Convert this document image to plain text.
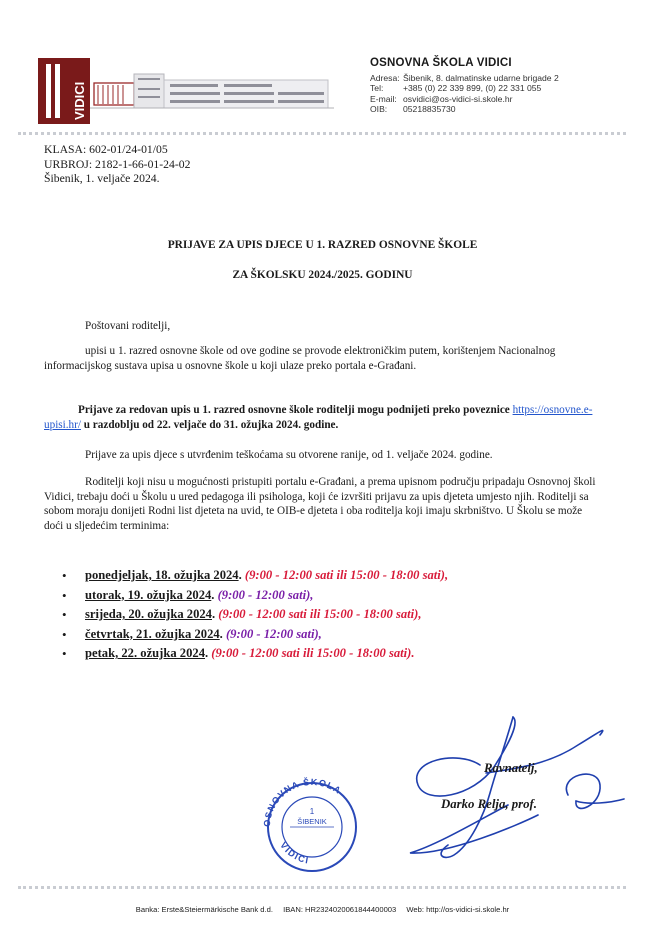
VIDICI
OSNOVNA ŠKOLA VIDICI
Adresa: Šibenik, 8. dalmatinske udarne brigade 2
Tel:	+385 (0) 22 339 899, (0) 22 331 055
E-mail: osvidici@os-vidici-si.skole.hr
OIB:	05218835730
KLASA: 602-01/24-01/05
URBROJ: 2182-1-66-01-24-02
Šibenik, 1. veljače 2024.
PRIJAVE ZA UPIS DJECE U 1. RAZRED OSNOVNE ŠKOLE
ZA ŠKOLSKU 2024./2025. GODINU
Poštovani roditelji,
upisi u 1. razred osnovne škole od ove godine se provode elektroničkim putem, korištenjem Nacionalnog informacijskog sustava upisa u osnovne škole u koji ulaze preko portala e-Građani.
Prijave za redovan upis u 1. razred osnovne škole roditelji mogu podnijeti preko poveznice https://osnovne.e-upisi.hr/ u razdoblju od 22. veljače do 31. ožujka 2024. godine.
Prijave za upis djece s utvrđenim teškoćama su otvorene ranije, od 1. veljače 2024. godine.
Roditelji koji nisu u mogućnosti pristupiti portalu e-Građani, a prema upisnom području pripadaju Osnovnoj školi Vidici, trebaju doći u Školu u ured pedagoga ili psihologa, koji će izvršiti prijavu za upis djeteta umjesto njih. Roditelji sa sobom moraju donijeti Rodni list djeteta na uvid, te OIB-e djeteta i oba roditelja koji imaju skrbništvo. U Školu se može doći u sljedećim terminima:
• ponedjeljak, 18. ožujka 2024. (9:00 - 12:00 sati ili 15:00 - 18:00 sati),
• utorak, 19. ožujka 2024. (9:00 - 12:00 sati),
• srijeda, 20. ožujka 2024. (9:00 - 12:00 sati ili 15:00 - 18:00 sati),
• četvrtak, 21. ožujka 2024. (9:00 - 12:00 sati),
• petak, 22. ožujka 2024. (9:00 - 12:00 sati ili 15:00 - 18:00 sati).
OSNOVNA ŠKOLA
VIDICI
1
ŠIBENIK
Ravnatelj,
Darko Relja, prof.
Banka: Erste&Steiermärkische Bank d.d. IBAN: HR2324020061844400003 Web: http://os-vidici-si.skole.hr
